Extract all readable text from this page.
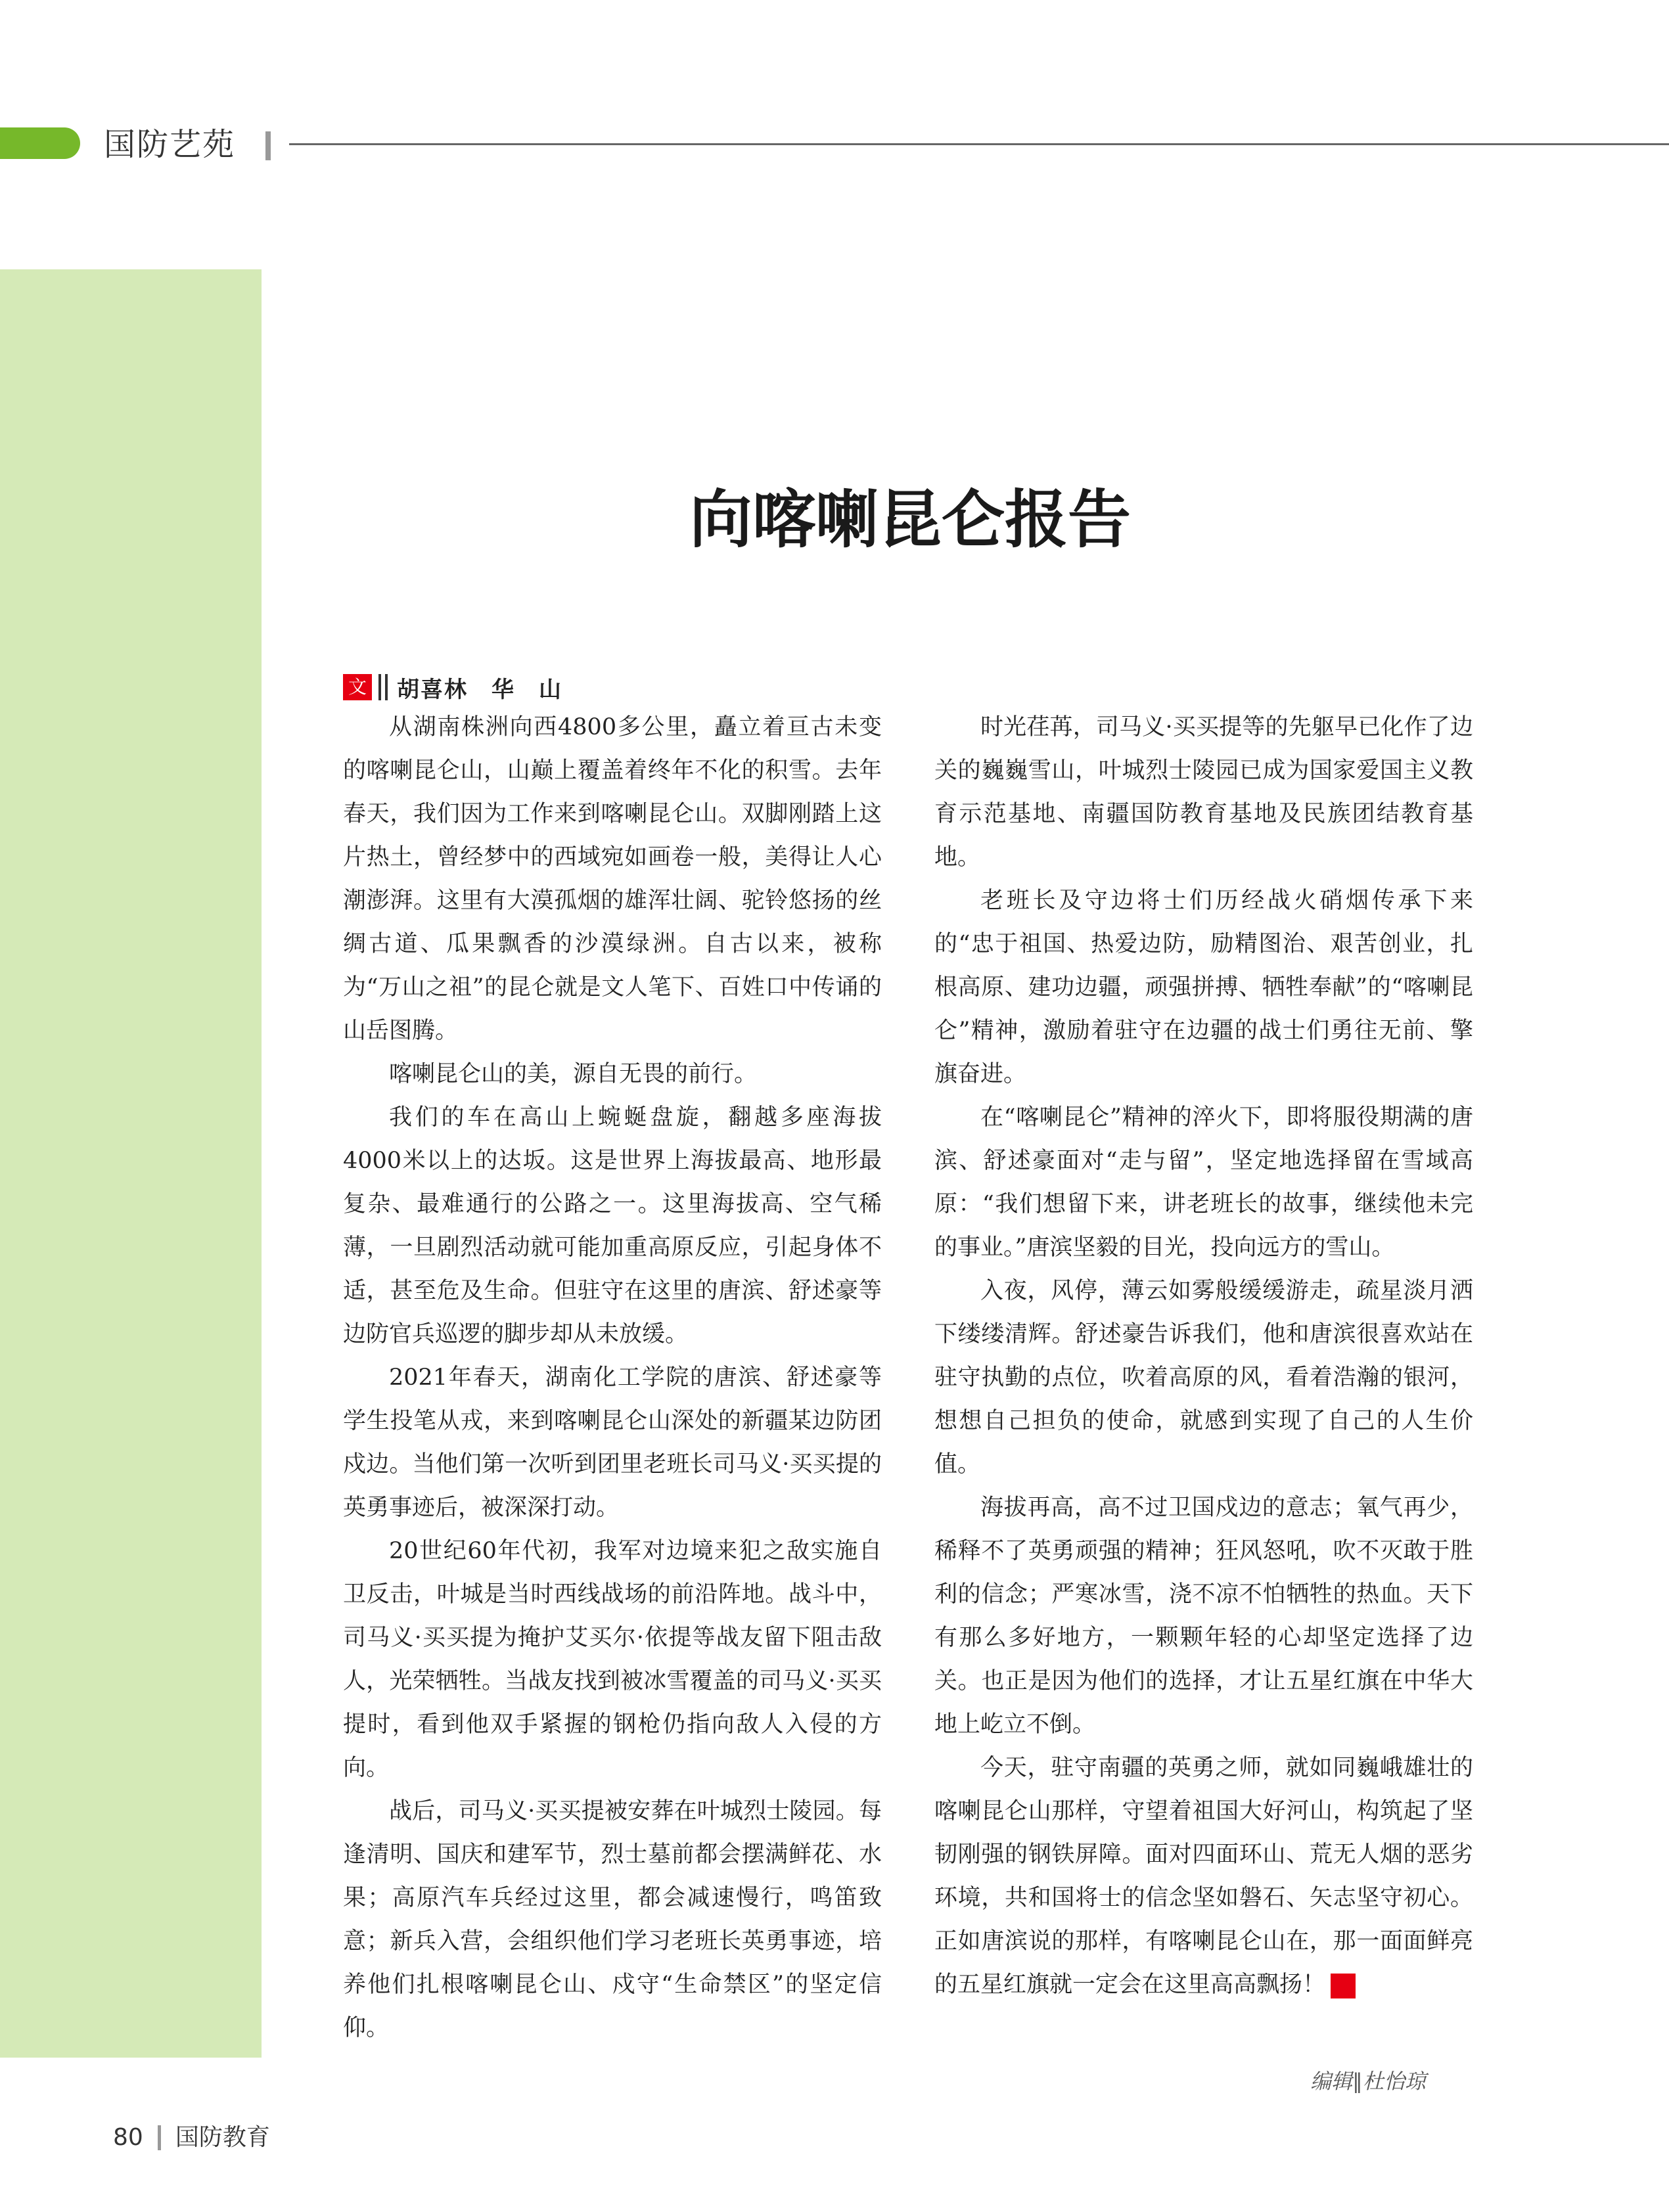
国防艺苑
向喀喇昆仑报告
文 胡喜林　华　山

从湖南株洲向西4800多公里，矗立着亘古未变的喀喇昆仑山，山巅上覆盖着终年不化的积雪。去年春天，我们因为工作来到喀喇昆仑山。双脚刚踏上这片热土，曾经梦中的西域宛如画卷一般，美得让人心潮澎湃。这里有大漠孤烟的雄浑壮阔、驼铃悠扬的丝绸古道、瓜果飘香的沙漠绿洲。自古以来，被称为“万山之祖”的昆仑就是文人笔下、百姓口中传诵的山岳图腾。

喀喇昆仑山的美，源自无畏的前行。

我们的车在高山上蜿蜒盘旋，翻越多座海拔4000米以上的达坂。这是世界上海拔最高、地形最复杂、最难通行的公路之一。这里海拔高、空气稀薄，一旦剧烈活动就可能加重高原反应，引起身体不适，甚至危及生命。但驻守在这里的唐滨、舒述豪等边防官兵巡逻的脚步却从未放缓。

2021年春天，湖南化工学院的唐滨、舒述豪等学生投笔从戎，来到喀喇昆仑山深处的新疆某边防团戍边。当他们第一次听到团里老班长司马义·买买提的英勇事迹后，被深深打动。

20世纪60年代初，我军对边境来犯之敌实施自卫反击，叶城是当时西线战场的前沿阵地。战斗中，司马义·买买提为掩护艾买尔·依提等战友留下阻击敌人，光荣牺牲。当战友找到被冰雪覆盖的司马义·买买提时，看到他双手紧握的钢枪仍指向敌人入侵的方向。

战后，司马义·买买提被安葬在叶城烈士陵园。每逢清明、国庆和建军节，烈士墓前都会摆满鲜花、水果；高原汽车兵经过这里，都会减速慢行，鸣笛致意；新兵入营，会组织他们学习老班长英勇事迹，培养他们扎根喀喇昆仑山、戍守“生命禁区”的坚定信仰。

时光荏苒，司马义·买买提等的先躯早已化作了边关的巍巍雪山，叶城烈士陵园已成为国家爱国主义教育示范基地、南疆国防教育基地及民族团结教育基地。

老班长及守边将士们历经战火硝烟传承下来的“忠于祖国、热爱边防，励精图治、艰苦创业，扎根高原、建功边疆，顽强拼搏、牺牲奉献”的“喀喇昆仑”精神，激励着驻守在边疆的战士们勇往无前、擎旗奋进。

在“喀喇昆仑”精神的淬火下，即将服役期满的唐滨、舒述豪面对“走与留”，坚定地选择留在雪域高原：“我们想留下来，讲老班长的故事，继续他未完的事业。”唐滨坚毅的目光，投向远方的雪山。

入夜，风停，薄云如雾般缓缓游走，疏星淡月洒下缕缕清辉。舒述豪告诉我们，他和唐滨很喜欢站在驻守执勤的点位，吹着高原的风，看着浩瀚的银河，想想自己担负的使命，就感到实现了自己的人生价值。

海拔再高，高不过卫国戍边的意志；氧气再少，稀释不了英勇顽强的精神；狂风怒吼，吹不灭敢于胜利的信念；严寒冰雪，浇不凉不怕牺牲的热血。天下有那么多好地方，一颗颗年轻的心却坚定选择了边关。也正是因为他们的选择，才让五星红旗在中华大地上屹立不倒。

今天，驻守南疆的英勇之师，就如同巍峨雄壮的喀喇昆仑山那样，守望着祖国大好河山，构筑起了坚韧刚强的钢铁屏障。面对四面环山、荒无人烟的恶劣环境，共和国将士的信念坚如磐石、矢志坚守初心。正如唐滨说的那样，有喀喇昆仑山在，那一面面鲜亮的五星红旗就一定会在这里高高飘扬！	G

编辑∥杜怡琼
80 国防教育
